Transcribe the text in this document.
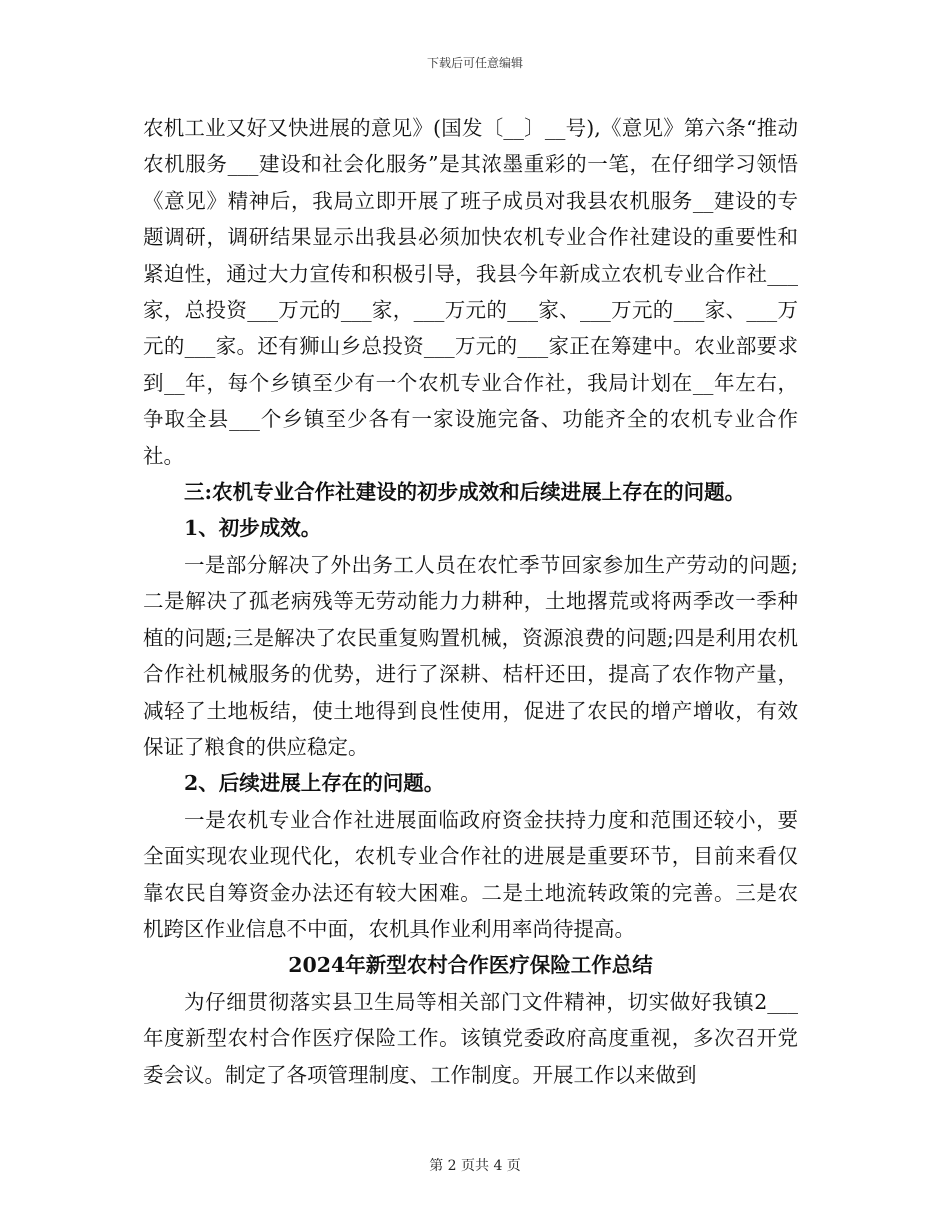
下载后可任意编辑

农机工业又好又快进展的意见》(国发〔__〕__号),《意见》第六条“推动农机服务___建设和社会化服务”是其浓墨重彩的一笔，在仔细学习领悟《意见》精神后，我局立即开展了班子成员对我县农机服务__建设的专题调研，调研结果显示出我县必须加快农机专业合作社建设的重要性和紧迫性，通过大力宣传和积极引导，我县今年新成立农机专业合作社___家，总投资___万元的___家，___万元的___家、___万元的___家、___万元的___家。还有狮山乡总投资___万元的___家正在筹建中。农业部要求到__年，每个乡镇至少有一个农机专业合作社，我局计划在__年左右，争取全县___个乡镇至少各有一家设施完备、功能齐全的农机专业合作社。

三:农机专业合作社建设的初步成效和后续进展上存在的问题。

1、初步成效。

一是部分解决了外出务工人员在农忙季节回家参加生产劳动的问题;二是解决了孤老病残等无劳动能力力耕种，土地撂荒或将两季改一季种植的问题;三是解决了农民重复购置机械，资源浪费的问题;四是利用农机合作社机械服务的优势，进行了深耕、桔杆还田，提高了农作物产量，减轻了土地板结，使土地得到良性使用，促进了农民的增产增收，有效保证了粮食的供应稳定。

2、后续进展上存在的问题。

一是农机专业合作社进展面临政府资金扶持力度和范围还较小，要全面实现农业现代化，农机专业合作社的进展是重要环节，目前来看仅靠农民自筹资金办法还有较大困难。二是土地流转政策的完善。三是农机跨区作业信息不中面，农机具作业利用率尚待提高。

2024年新型农村合作医疗保险工作总结

为仔细贯彻落实县卫生局等相关部门文件精神，切实做好我镇2___年度新型农村合作医疗保险工作。该镇党委政府高度重视，多次召开党委会议。制定了各项管理制度、工作制度。开展工作以来做到

第 2 页共 4 页
